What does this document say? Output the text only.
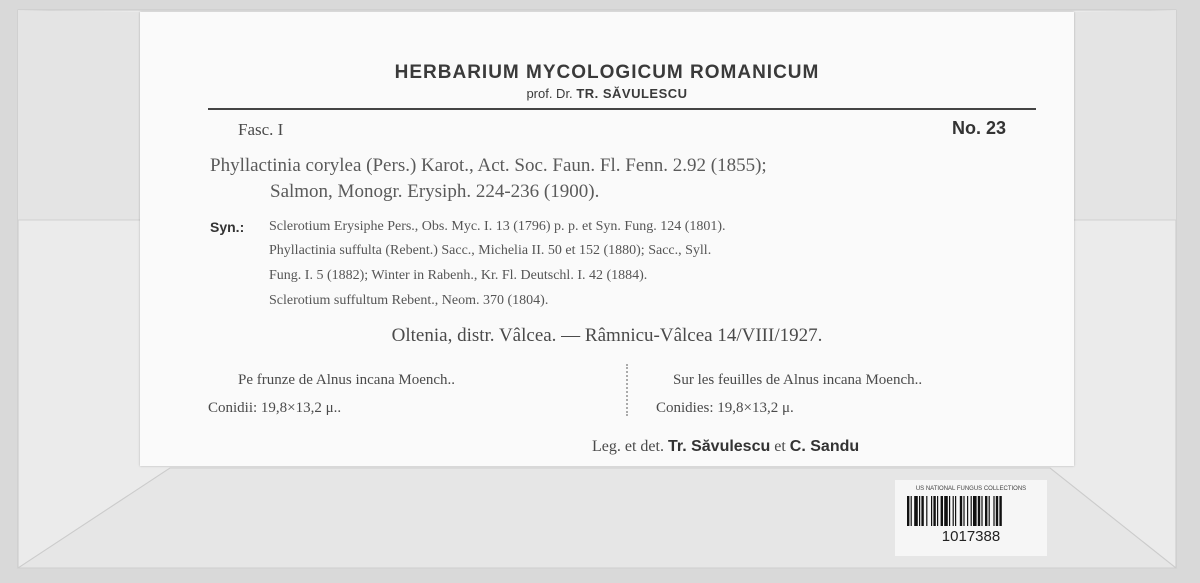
HERBARIUM MYCOLOGICUM ROMANICUM
prof. Dr. TR. SĂVULESCU
Fasc. I	No. 23
Phyllactinia corylea (Pers.) Karot., Act. Soc. Faun. Fl. Fenn. 2.92 (1855);
Salmon, Monogr. Erysiph. 224-236 (1900).
Syn.: Sclerotium Erysiphe Pers., Obs. Myc. I. 13 (1796) p. p. et Syn. Fung. 124 (1801).
Phyllactinia suffulta (Rebent.) Sacc., Michelia II. 50 et 152 (1880); Sacc., Syll.
Fung. I. 5 (1882); Winter in Rabenh., Kr. Fl. Deutschl. I. 42 (1884).
Sclerotium suffultum Rebent., Neom. 370 (1804).
Oltenia, distr. Vâlcea. — Râmnicu-Vâlcea 14/VIII/1927.
Pe frunze de Alnus incana Moench..
Conidii: 19,8×13,2 μ..
Sur les feuilles de Alnus incana Moench..
Conidies: 19,8×13,2 μ.
Leg. et det. Tr. Săvulescu et C. Sandu
US NATIONAL FUNGUS COLLECTIONS
1017388
